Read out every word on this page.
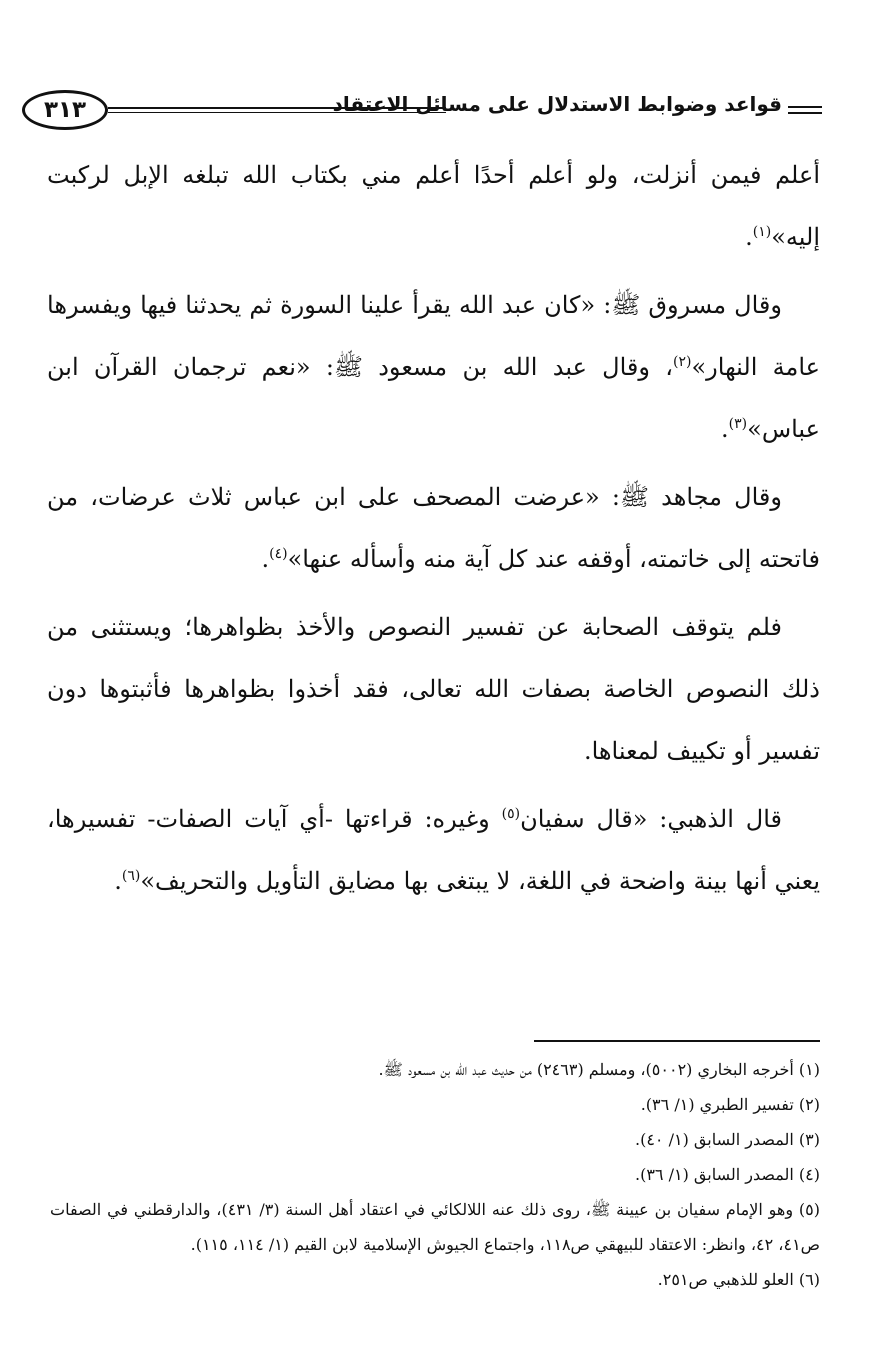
٣١٣	قواعد وضوابط الاستدلال على مسائل الاعتقاد

أعلم فيمن أنزلت، ولو أعلم أحدًا أعلم مني بكتاب الله تبلغه الإبل لركبت إليه»$^{(١)}$.

وقال مسروق ﷺ: «كان عبد الله يقرأ علينا السورة ثم يحدثنا فيها ويفسرها عامة النهار»$^{(٢)}$، وقال عبد الله بن مسعود ﷺ: «نعم ترجمان القرآن ابن عباس»$^{(٣)}$.

وقال مجاهد ﷺ: «عرضت المصحف على ابن عباس ثلاث عرضات، من فاتحته إلى خاتمته، أوقفه عند كل آية منه وأسأله عنها»$^{(٤)}$.

فلم يتوقف الصحابة عن تفسير النصوص والأخذ بظواهرها؛ ويستثنى من ذلك النصوص الخاصة بصفات الله تعالى، فقد أخذوا بظواهرها فأثبتوها دون تفسير أو تكييف لمعناها.

قال الذهبي: «قال سفيان$^{(٥)}$ وغيره: قراءتها -أي آيات الصفات- تفسيرها، يعني أنها بينة واضحة في اللغة، لا يبتغى بها مضايق التأويل والتحريف»$^{(٦)}$.

(١) أخرجه البخاري (٥٠٠٢)، ومسلم (٢٤٦٣) من حديث عبد الله بن مسعود ﷺ.

(٢) تفسير الطبري (١/ ٣٦).

(٣) المصدر السابق (١/ ٤٠).

(٤) المصدر السابق (١/ ٣٦).

(٥) وهو الإمام سفيان بن عيينة ﷺ، روى ذلك عنه اللالكائي في اعتقاد أهل السنة (٣/ ٤٣١)، والدارقطني في الصفات ص٤١، ٤٢، وانظر: الاعتقاد للبيهقي ص١١٨، واجتماع الجيوش الإسلامية لابن القيم (١/ ١١٤، ١١٥).

(٦) العلو للذهبي ص٢٥١.
